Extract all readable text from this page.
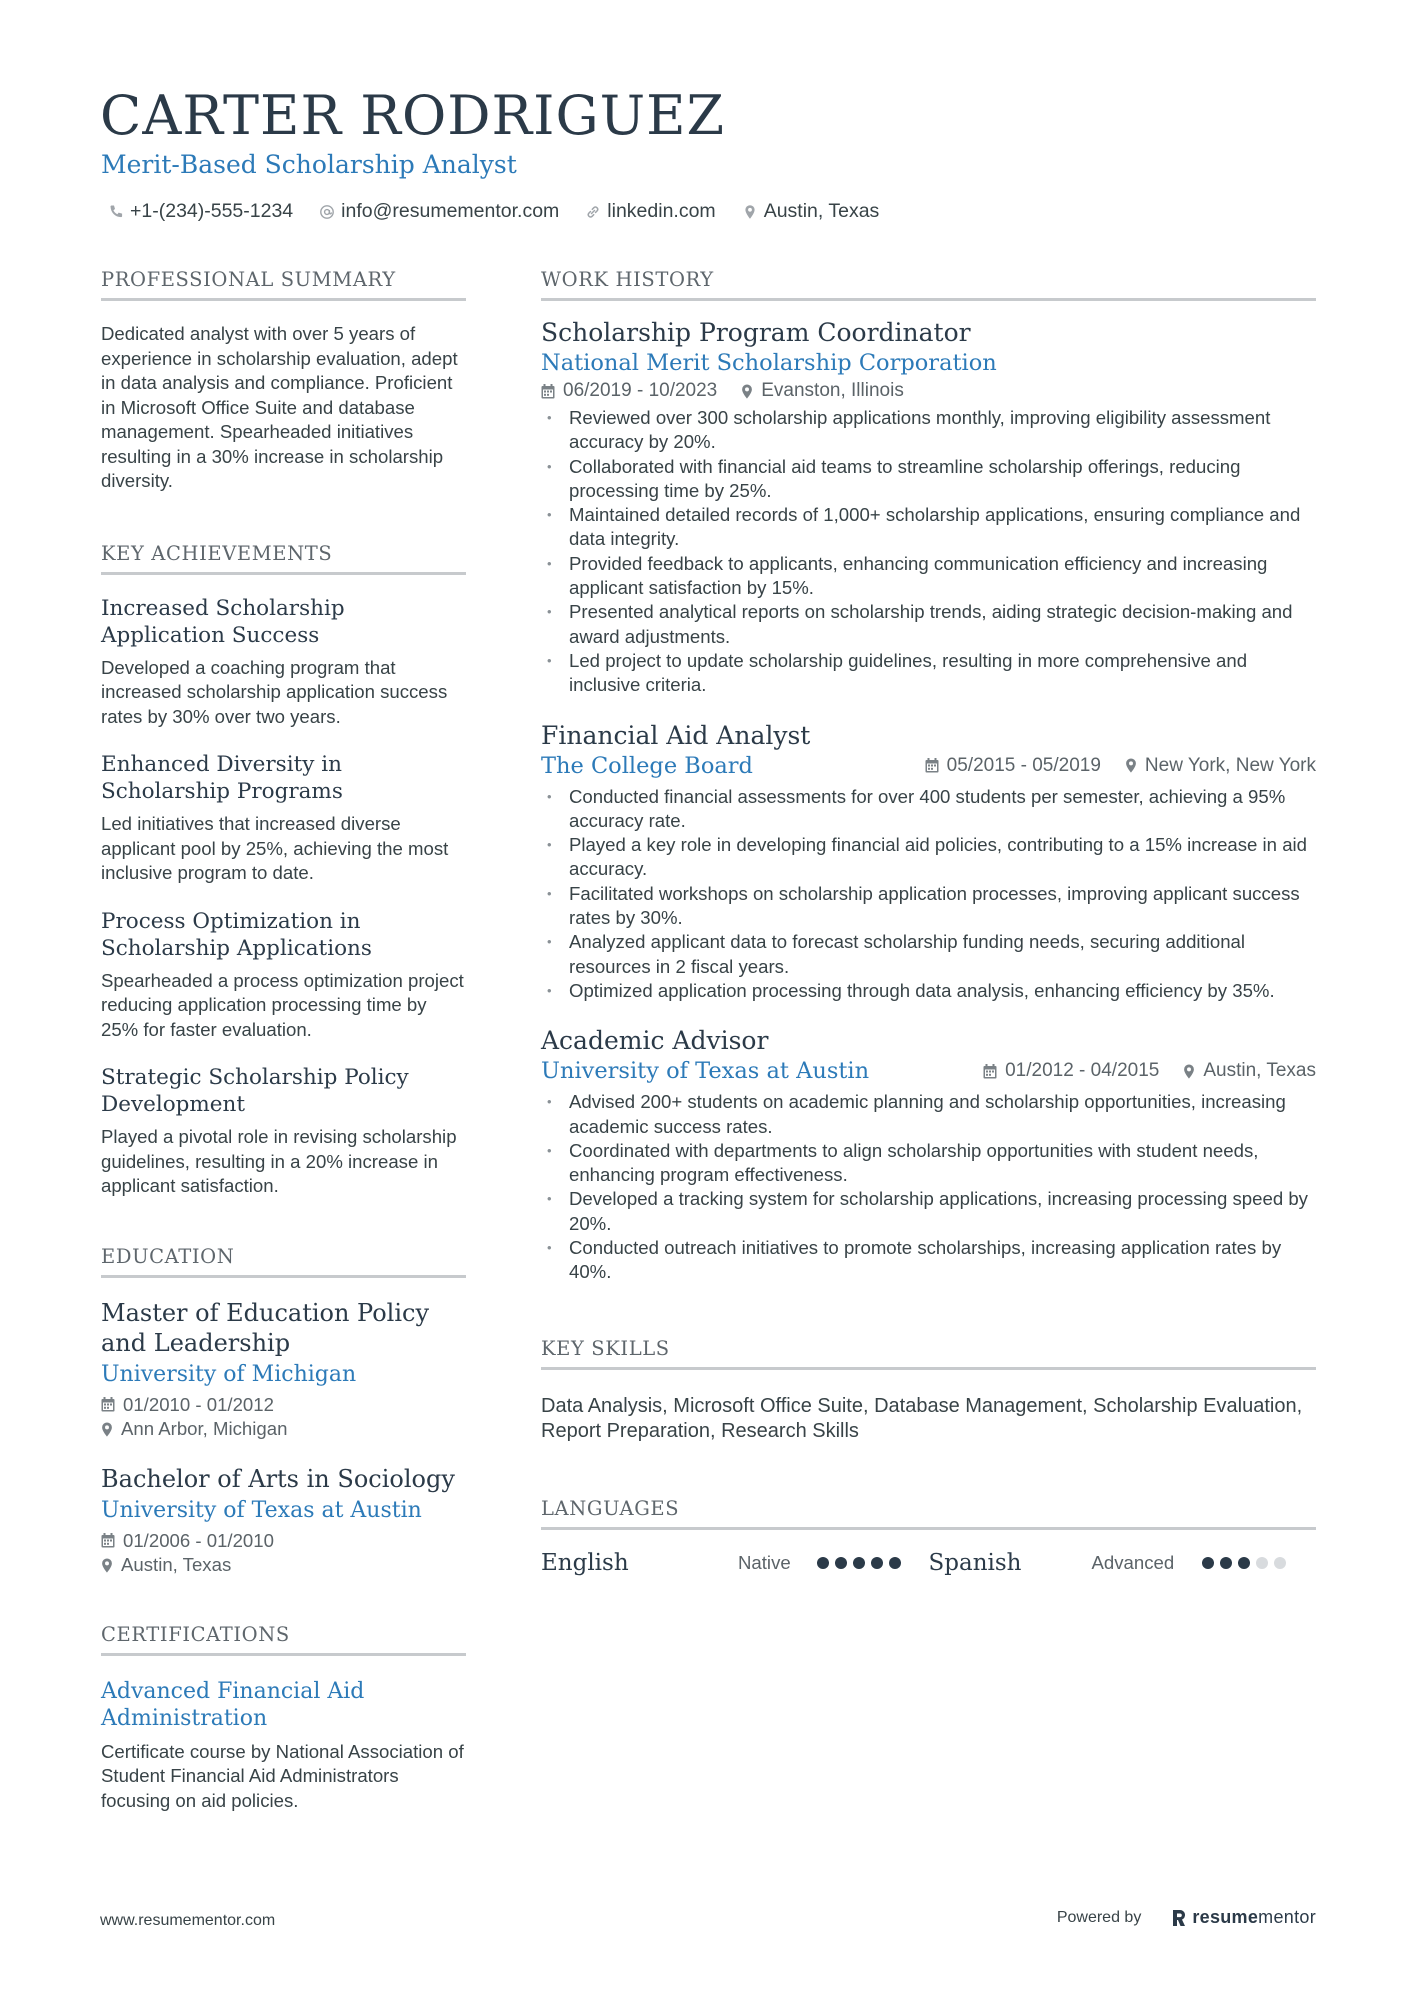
CARTER RODRIGUEZ
Merit-Based Scholarship Analyst
+1-(234)-555-1234 info@resumementor.com linkedin.com Austin, Texas
PROFESSIONAL SUMMARY

Dedicated analyst with over 5 years of experience in scholarship evaluation, adept in data analysis and compliance. Proficient in Microsoft Office Suite and database management. Spearheaded initiatives resulting in a 30% increase in scholarship diversity.

KEY ACHIEVEMENTS
Increased Scholarship Application Success

Developed a coaching program that increased scholarship application success rates by 30% over two years.

Enhanced Diversity in Scholarship Programs

Led initiatives that increased diverse applicant pool by 25%, achieving the most inclusive program to date.

Process Optimization in Scholarship Applications

Spearheaded a process optimization project reducing application processing time by 25% for faster evaluation.

Strategic Scholarship Policy Development

Played a pivotal role in revising scholarship guidelines, resulting in a 20% increase in applicant satisfaction.

EDUCATION
Master of Education Policy and Leadership
University of Michigan
01/2010 - 01/2012
Ann Arbor, Michigan
Bachelor of Arts in Sociology
University of Texas at Austin
01/2006 - 01/2010
Austin, Texas
CERTIFICATIONS
Advanced Financial Aid Administration

Certificate course by National Association of Student Financial Aid Administrators focusing on aid policies.

WORK HISTORY
Scholarship Program Coordinator
National Merit Scholarship Corporation
06/2019 - 10/2023 Evanston, Illinois
• Reviewed over 300 scholarship applications monthly, improving eligibility assessment accuracy by 20%.
• Collaborated with financial aid teams to streamline scholarship offerings, reducing processing time by 25%.
• Maintained detailed records of 1,000+ scholarship applications, ensuring compliance and data integrity.
• Provided feedback to applicants, enhancing communication efficiency and increasing applicant satisfaction by 15%.
• Presented analytical reports on scholarship trends, aiding strategic decision-making and award adjustments.
• Led project to update scholarship guidelines, resulting in more comprehensive and inclusive criteria.
Financial Aid Analyst
The College Board	05/2015 - 05/2019 New York, New York
• Conducted financial assessments for over 400 students per semester, achieving a 95% accuracy rate.
• Played a key role in developing financial aid policies, contributing to a 15% increase in aid accuracy.
• Facilitated workshops on scholarship application processes, improving applicant success rates by 30%.
• Analyzed applicant data to forecast scholarship funding needs, securing additional resources in 2 fiscal years.
• Optimized application processing through data analysis, enhancing efficiency by 35%.
Academic Advisor
University of Texas at Austin	01/2012 - 04/2015 Austin, Texas
• Advised 200+ students on academic planning and scholarship opportunities, increasing academic success rates.
• Coordinated with departments to align scholarship opportunities with student needs, enhancing program effectiveness.
• Developed a tracking system for scholarship applications, increasing processing speed by 20%.
• Conducted outreach initiatives to promote scholarships, increasing application rates by 40%.
KEY SKILLS

Data Analysis, Microsoft Office Suite, Database Management, Scholarship Evaluation, Report Preparation, Research Skills

LANGUAGES
English	Native	Spanish	Advanced
www.resumementor.com	Powered by	resume mentor
